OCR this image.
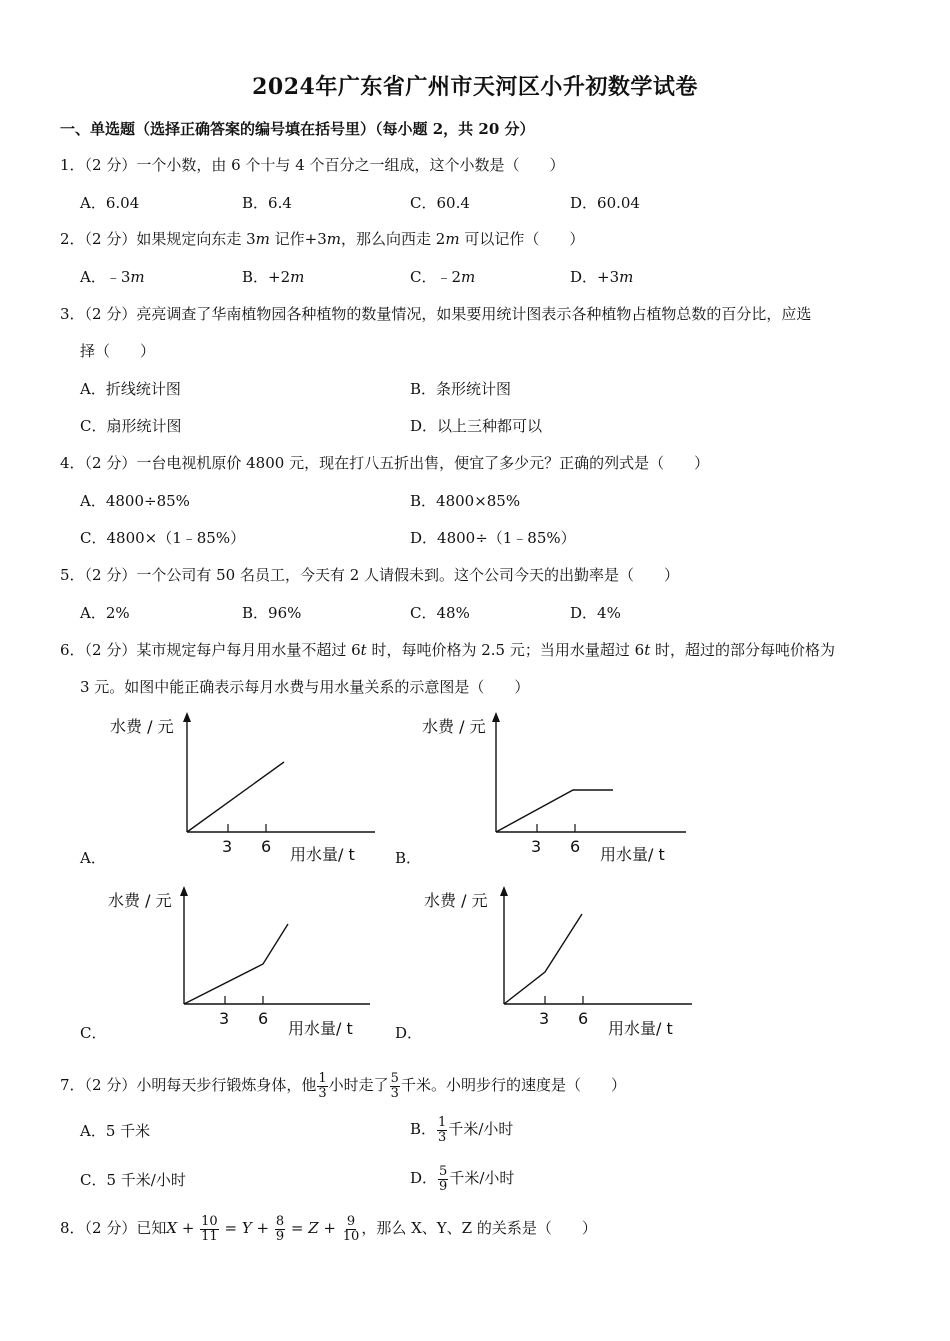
2024年广东省广州市天河区小升初数学试卷
一、单选题（选择正确答案的编号填在括号里）（每小题 2，共 20 分）
1．（2 分）一个小数，由 6 个十与 4 个百分之一组成，这个小数是（　　）
A．6.04	B．6.4	C．60.4	D．60.04
2．（2 分）如果规定向东走 3m 记作+3m，那么向西走 2m 可以记作（　　）
A．﹣3m	B．+2m	C．﹣2m	D．+3m
3．（2 分）亮亮调查了华南植物园各种植物的数量情况，如果要用统计图表示各种植物占植物总数的百分比，应选
择（　　）
A．折线统计图	B．条形统计图
C．扇形统计图	D．以上三种都可以
4．（2 分）一台电视机原价 4800 元，现在打八五折出售，便宜了多少元？正确的列式是（　　）
A．4800÷85%	B．4800×85%
C．4800×（1﹣85%）	D．4800÷（1﹣85%）
5．（2 分）一个公司有 50 名员工，今天有 2 人请假未到。这个公司今天的出勤率是（　　）
A．2%	B．96%	C．48%	D．4%
6．（2 分）某市规定每户每月用水量不超过 6t 时，每吨价格为 2.5 元；当用水量超过 6t 时，超过的部分每吨价格为
3 元。如图中能正确表示每月水费与用水量关系的示意图是（　　）
A．
水费 / 元
3 6 用水量/ t	B．
水费 / 元
3 6 用水量/ t
C．
水费 / 元
3 6
用水量/ t	D．
水费 / 元
3 6
用水量/ t
7．（2 分）小明每天步行锻炼身体，他 $\frac{1}{3}$ 小时走了 $\frac{5}{3}$ 千米。小明步行的速度是（　　）
A．5 千米	B． $\frac{1}{3}$ 千米/小时
C．5 千米/小时	D． $\frac{5}{9}$ 千米/小时
8．（2 分）已知$X + \frac{10}{11} = Y + \frac{8}{9} = Z + \frac{9}{10}$ ，那么 X、Y、Z 的关系是（　　）
